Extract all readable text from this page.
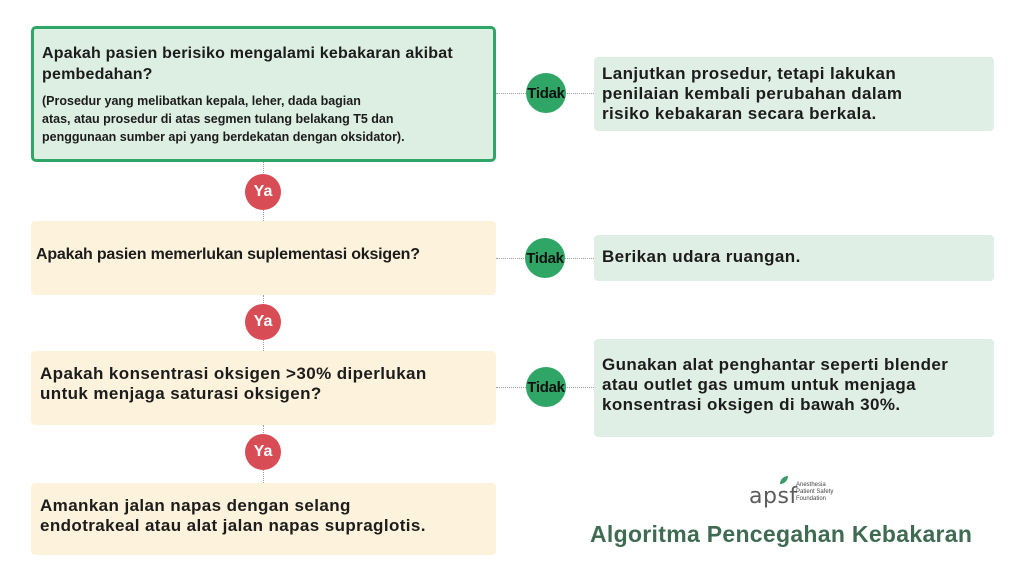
Apakah pasien berisiko mengalami kebakaran akibat
pembedahan?
(Prosedur yang melibatkan kepala, leher, dada bagian
atas, atau prosedur di atas segmen tulang belakang T5 dan
penggunaan sumber api yang berdekatan dengan oksidator).
Apakah pasien memerlukan suplementasi oksigen?
Apakah konsentrasi oksigen >30% diperlukan
untuk menjaga saturasi oksigen?
Amankan jalan napas dengan selang
endotrakeal atau alat jalan napas supraglotis.
Lanjutkan prosedur, tetapi lakukan
penilaian kembali perubahan dalam
risiko kebakaran secara berkala.
Berikan udara ruangan.
Gunakan alat penghantar seperti blender
atau outlet gas umum untuk menjaga
konsentrasi oksigen di bawah 30%.
Ya
Ya
Ya
Tidak
Tidak
Tidak
apsf
Anesthesia
Patient Safety
Foundation
Algoritma Pencegahan Kebakaran
